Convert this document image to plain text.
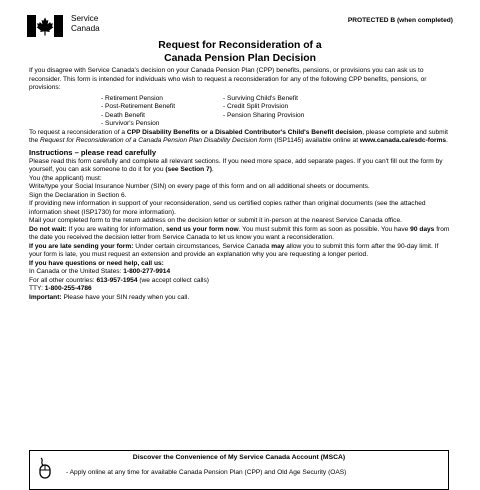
Service
Canada
PROTECTED B (when completed)
Request for Reconsideration of a
Canada Pension Plan Decision

If you disagree with Service Canada's decision on your Canada Pension Plan (CPP) benefits, pensions, or provisions you can ask us to reconsider. This form is intended for individuals who wish to request a reconsideration for any of the following CPP benefits, pensions, or provisions:

- Retirement Pension
- Post-Retirement Benefit
- Death Benefit
- Survivor's Pension
- Surviving Child's Benefit
- Credit Split Provision
- Pension Sharing Provision

To request a reconsideration of a CPP Disability Benefits or a Disabled Contributor's Child's Benefit decision, please complete and submit the Request for Reconsideration of a Canada Pension Plan Disability Decision form (ISP1145) available online at www.canada.ca/esdc-forms.

Instructions – please read carefully

Please read this form carefully and complete all relevant sections. If you need more space, add separate pages. If you can't fill out the form by yourself, you can ask someone to do it for you (see Section 7).

You (the applicant) must:

Write/type your Social Insurance Number (SIN) on every page of this form and on all additional sheets or documents.

Sign the Declaration in Section 6.

If providing new information in support of your reconsideration, send us certified copies rather than original documents (see the attached information sheet (ISP1730) for more information).

Mail your completed form to the return address on the decision letter or submit it in-person at the nearest Service Canada office.

Do not wait: If you are waiting for information, send us your form now. You must submit this form as soon as possible. You have 90 days from the date you received the decision letter from Service Canada to let us know you want a reconsideration.

If you are late sending your form: Under certain circumstances, Service Canada may allow you to submit this form after the 90-day limit. If your form is late, you must request an extension and provide an explanation why you are requesting a longer period.

If you have questions or need help, call us:

In Canada or the United States: 1-800-277-9914

For all other countries: 613-957-1954 (we accept collect calls)

TTY: 1-800-255-4786

Important: Please have your SIN ready when you call.

Discover the Convenience of My Service Canada Account (MSCA)
- Apply online at any time for available Canada Pension Plan (CPP) and Old Age Security (OAS)
